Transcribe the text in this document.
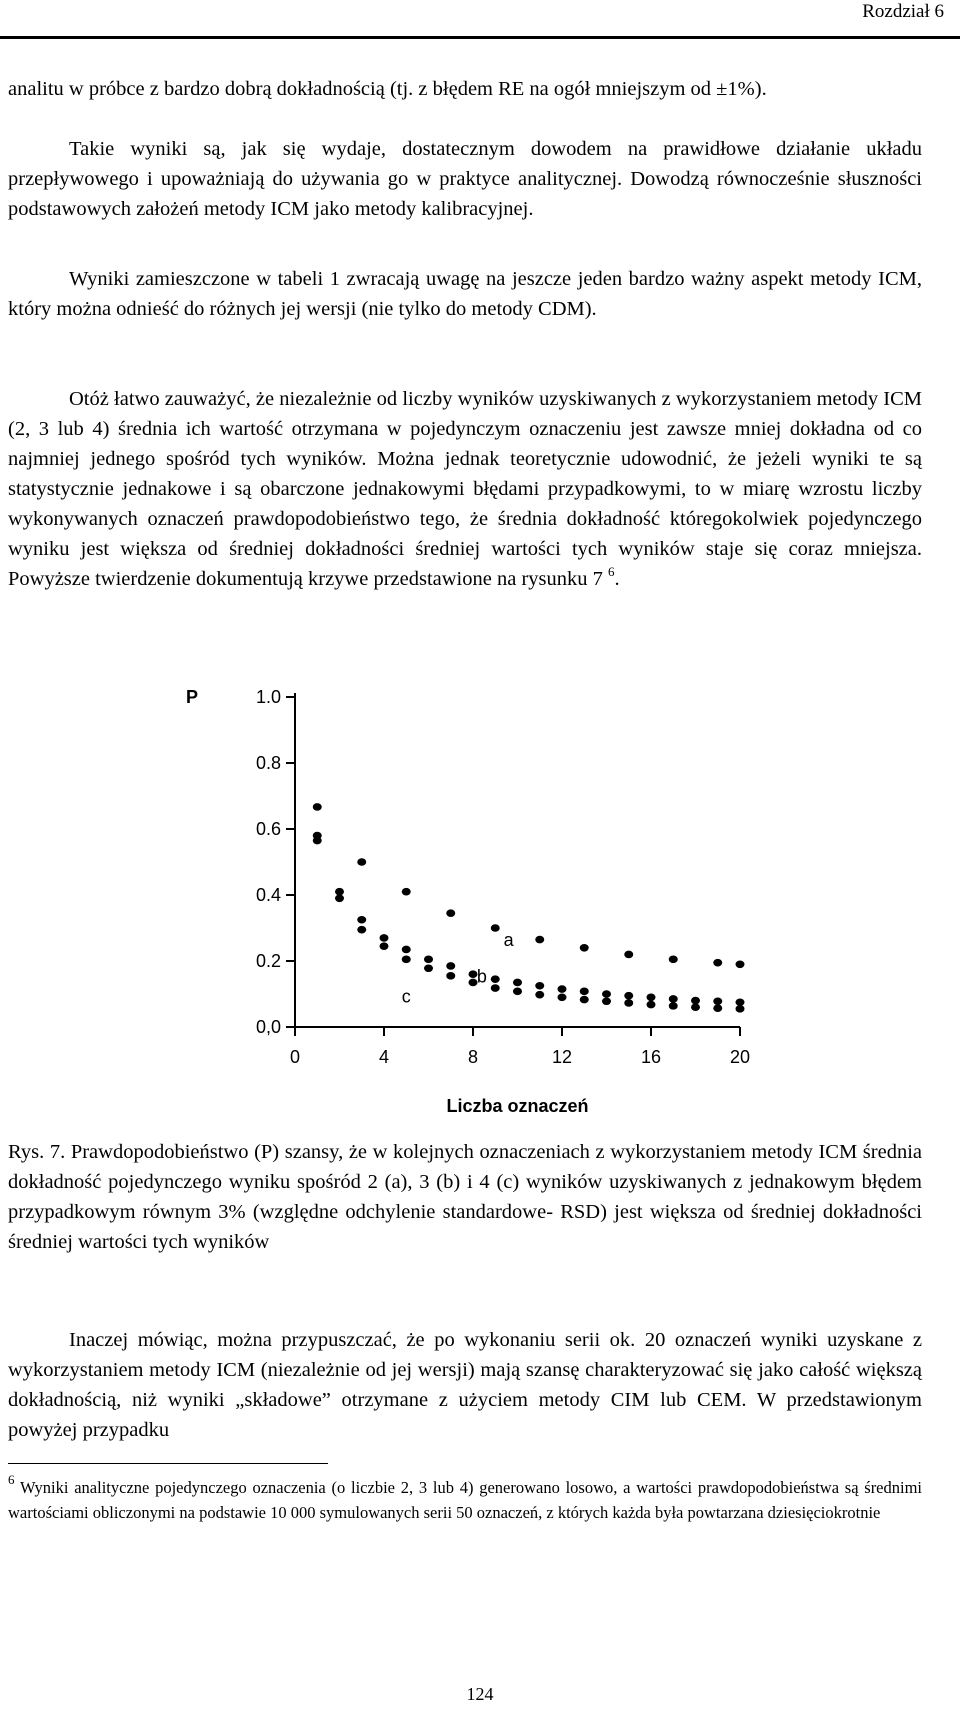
Rozdział 6

analitu w próbce z bardzo dobrą dokładnością (tj. z błędem RE na ogół mniejszym od ±1%).

Takie wyniki są, jak się wydaje, dostatecznym dowodem na prawidłowe działanie układu przepływowego i upoważniają do używania go w praktyce analitycznej. Dowodzą równocześnie słuszności podstawowych założeń metody ICM jako metody kalibracyjnej.

Wyniki zamieszczone w tabeli 1 zwracają uwagę na jeszcze jeden bardzo ważny aspekt metody ICM, który można odnieść do różnych jej wersji (nie tylko do metody CDM).

Otóż łatwo zauważyć, że niezależnie od liczby wyników uzyskiwanych z wykorzystaniem metody ICM (2, 3 lub 4) średnia ich wartość otrzymana w pojedynczym oznaczeniu jest zawsze mniej dokładna od co najmniej jednego spośród tych wyników. Można jednak teoretycznie udowodnić, że jeżeli wyniki te są statystycznie jednakowe i są obarczone jednakowymi błędami przypadkowymi, to w miarę wzrostu liczby wykonywanych oznaczeń prawdopodobieństwo tego, że średnia dokładność któregokolwiek pojedynczego wyniku jest większa od średniej dokładności średniej wartości tych wyników staje się coraz mniejsza. Powyższe twierdzenie dokumentują krzywe przedstawione na rysunku 7 $^6$.

0,0
0.2
0.4
0.6
0.8
1.0
0	4	8	12	16	20
P
Liczba oznaczeń
a
b
c

Rys. 7. Prawdopodobieństwo (P) szansy, że w kolejnych oznaczeniach z wykorzystaniem metody ICM średnia dokładność pojedynczego wyniku spośród 2 (a), 3 (b) i 4 (c) wyników uzyskiwanych z jednakowym błędem przypadkowym równym 3% (względne odchylenie standardowe- RSD) jest większa od średniej dokładności średniej wartości tych wyników

Inaczej mówiąc, można przypuszczać, że po wykonaniu serii ok. 20 oznaczeń wyniki uzyskane z wykorzystaniem metody ICM (niezależnie od jej wersji) mają szansę charakteryzować się jako całość większą dokładnością, niż wyniki „składowe” otrzymane z użyciem metody CIM lub CEM. W przedstawionym powyżej przypadku

$^6$ Wyniki analityczne pojedynczego oznaczenia (o liczbie 2, 3 lub 4) generowano losowo, a wartości prawdopodobieństwa są średnimi wartościami obliczonymi na podstawie 10 000 symulowanych serii 50 oznaczeń, z których każda była powtarzana dziesięciokrotnie

124
